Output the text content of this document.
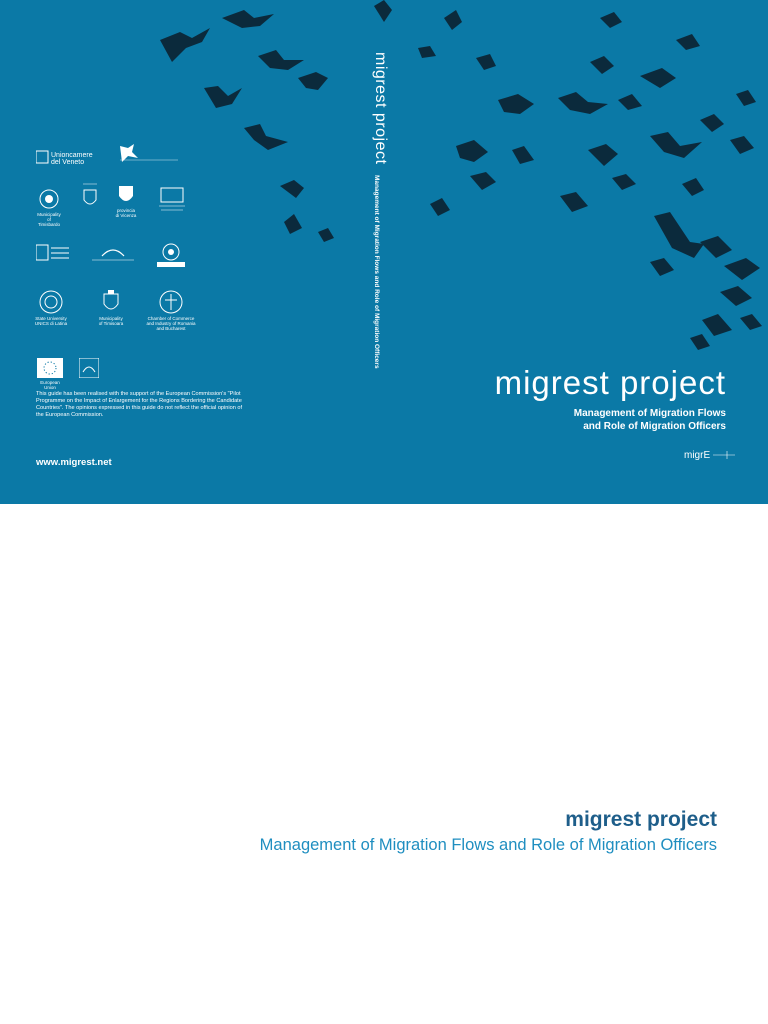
migrest project
Management of Migration Flows and Role of Migration Officers
Unioncamere
del Veneto
Municipality
of Timisbardo
provincia
di Vicenza
State University
UNICS di Latina
Municipality
of Timisoara
Chamber of Commerce
and Industry of Romania
and Bucharest
European Union
This guide has been realised with the support of the European Commission's "Pilot Programme on the Impact of Enlargement for the Regions Bordering the Candidate Countries". The opinions expressed in this guide do not reflect the official opinion of the European Commission.
www.migrest.net
migrest project
Management of Migration Flows
and Role of Migration Officers
migrE
migrest project
Management of Migration Flows and Role of Migration Officers
